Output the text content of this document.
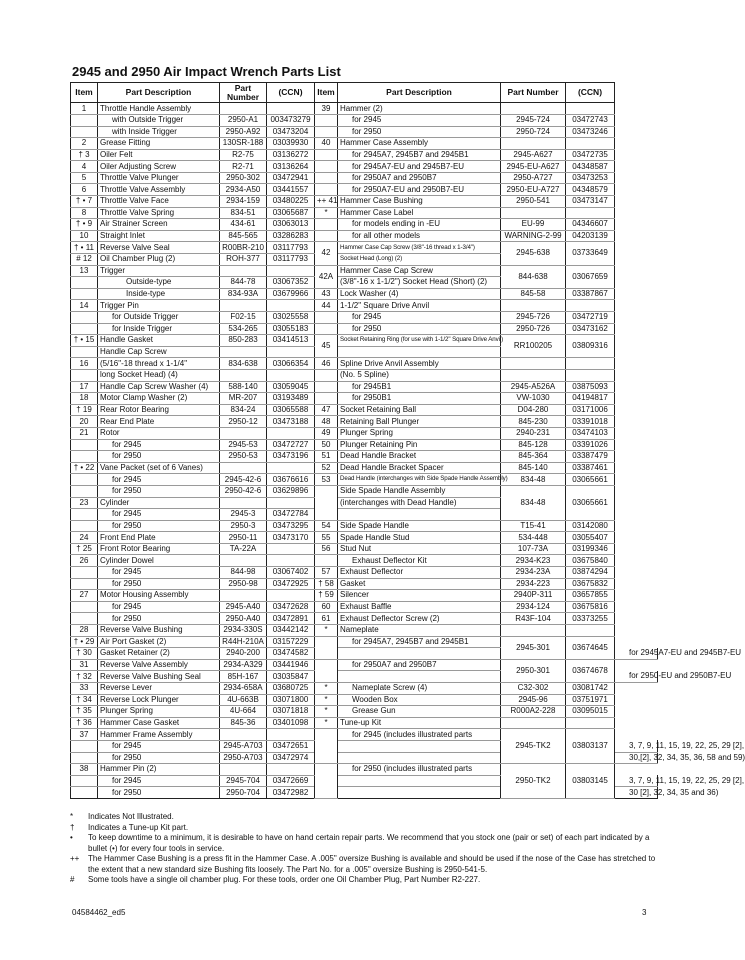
2945 and 2950 Air Impact Wrench Parts List
Item	Part Description	Part Number	(CCN)	Item	Part Description	Part Number	(CCN)	
1	Throttle Handle Assembly			39	Hammer (2)			
	with Outside Trigger	2950-A1	003473279		for 2945	2945-724	03472743	
	with Inside Trigger	2950-A92	03473204		for 2950	2950-724	03473246	
2	Grease Fitting	130SR-188	03039930	40	Hammer Case Assembly			
† 3	Oiler Felt	R2-75	03136272		for 2945A7, 2945B7 and 2945B1	2945-A627	03472735	
4	Oiler Adjusting Screw	R2-71	03136264		for 2945A7-EU and 2945B7-EU	2945-EU-A627	04348587	
5	Throttle Valve Plunger	2950-302	03472941		for 2950A7 and 2950B7	2950-A727	03473253	
6	Throttle Valve Assembly	2934-A50	03441557		for 2950A7-EU and 2950B7-EU	2950-EU-A727	04348579	
† • 7	Throttle Valve Face	2934-159	03480225	++ 41	Hammer Case Bushing	2950-541	03473147	
8	Throttle Valve Spring	834-51	03065687	*	Hammer Case Label			
† • 9	Air Strainer Screen	434-61	03063013		for models ending in -EU	EU-99	04346607	
10	Straight Inlet	845-565	03286283		for all other models	WARNING-2-99	04203139	
† • 11	Reverse Valve Seal	R00BR-210	03117793	42	Hammer Case Cap Screw (3/8"-16 thread x 1-3/4")	2945-638	03733649	
# 12	Oil Chamber Plug (2)	ROH-377	03117793		Socket Head (Long) (2)			
13	Trigger			42A	Hammer Case Cap Screw	844-638	03067659	
	Outside-type	844-78	03067352		(3/8"-16 x 1-1/2") Socket Head (Short) (2)			
	Inside-type	834-93A	03679966	43	Lock Washer (4)	845-58	03387867	
14	Trigger Pin			44	1-1/2" Square Drive Anvil			
	for Outside Trigger	F02-15	03025558		for 2945	2945-726	03472719	
	for Inside Trigger	534-265	03055183		for 2950	2950-726	03473162	
† • 15	Handle Gasket	850-283	03414513	45	Socket Retaining Ring (for use with 1-1/2" Square Drive Anvil)	RR100205	03809316	
	Handle Cap Screw							
16	(5/16"-18 thread x 1-1/4"	834-638	03066354	46	Spline Drive Anvil Assembly			
	long Socket Head) (4)				(No. 5 Spline)			
17	Handle Cap Screw Washer (4)	588-140	03059045		for 2945B1	2945-A526A	03875093	
18	Motor Clamp Washer (2)	MR-207	03193489		for 2950B1	VW-1030	04194817	
† 19	Rear Rotor Bearing	834-24	03065588	47	Socket Retaining Ball	D04-280	03171006	
20	Rear End Plate	2950-12	03473188	48	Retaining Ball Plunger	845-230	03391018	
21	Rotor			49	Plunger Spring	2940-231	03474103	
	for 2945	2945-53	03472727	50	Plunger Retaining Pin	845-128	03391026	
	for 2950	2950-53	03473196	51	Dead Handle Bracket	845-364	03387479	
† • 22	Vane Packet (set of 6 Vanes)			52	Dead Handle Bracket Spacer	845-140	03387461	
	for 2945	2945-42-6	03676616	53	Dead Handle (interchanges with Side Spade Handle Assembly)	834-48	03065661	
	for 2950	2950-42-6	03629896		Side Spade Handle Assembly	834-48	03065661	
23	Cylinder				(interchanges with Dead Handle)			
	for 2945	2945-3	03472784					
	for 2950	2950-3	03473295	54	Side Spade Handle	T15-41	03142080	
24	Front End Plate	2950-11	03473170	55	Spade Handle Stud	534-448	03055407	
† 25	Front Rotor Bearing	TA-22A		56	Stud Nut	107-73A	03199346	
26	Cylinder Dowel				Exhaust Deflector Kit	2934-K23	03675840	
	for 2945	844-98	03067402	57	Exhaust Deflector	2934-23A	03874294	
	for 2950	2950-98	03472925	† 58	Gasket	2934-223	03675832	
27	Motor Housing Assembly			† 59	Silencer	2940P-311	03657855	
	for 2945	2945-A40	03472628	60	Exhaust Baffle	2934-124	03675816	
	for 2950	2950-A40	03472891	61	Exhaust Deflector Screw (2)	R43F-104	03373255	
28	Reverse Valve Bushing	2934-330S	03442142	*	Nameplate			
† • 29	Air Port Gasket (2)	R44H-210A	03157229		for 2945A7, 2945B7 and 2945B1	2945-301	03674645	
† 30	Gasket Retainer (2)	2940-200	03474582					for 2945A7-EU and 2945B7-EU
31	Reverse Valve Assembly	2934-A329	03441946		for 2950A7 and 2950B7	2950-301	03674678	
† 32	Reverse Valve Bushing Seal	85H-167	03035847					for 2950-EU and 2950B7-EU
33	Reverse Lever	2934-658A	03680725	*	Nameplate Screw (4)	C32-302	03081742	
† 34	Reverse Lock Plunger	4U-663B	03071800	*	Wooden Box	2945-96	03751971	
† 35	Plunger Spring	4U-664	03071818	*	Grease Gun	R000A2-228	03095015	
† 36	Hammer Case Gasket	845-36	03401098	*	Tune-up Kit			
37	Hammer Frame Assembly				for 2945 (includes illustrated parts	2945-TK2	03803137	
	for 2945	2945-A703	03472651					3, 7, 9, 11, 15, 19, 22, 25, 29 [2],
	for 2950	2950-A703	03472974					30,[2], 32, 34, 35, 36, 58 and 59)
38	Hammer Pin (2)				for 2950 (includes illustrated parts	2950-TK2	03803145	
	for 2945	2945-704	03472669					3, 7, 9, 11, 15, 19, 22, 25, 29 [2],
	for 2950	2950-704	03472982					30 [2], 32, 34, 35 and 36)
*	Indicates Not Illustrated.
†	Indicates a Tune-up Kit part.
•	To keep downtime to a minimum, it is desirable to have on hand certain repair parts. We recommend that you stock one (pair or set) of each part indicated by a bullet (•) for every four tools in service.
++	The Hammer Case Bushing is a press fit in the Hammer Case. A .005" oversize Bushing is available and should be used if the nose of the Case has stretched to the extent that a new standard size Bushing fits loosely. The Part No. for a .005" oversize Bushing is 2950-541-5.
#	Some tools have a single oil chamber plug. For these tools, order one Oil Chamber Plug, Part Number R2-227.
04584462_ed5	3
